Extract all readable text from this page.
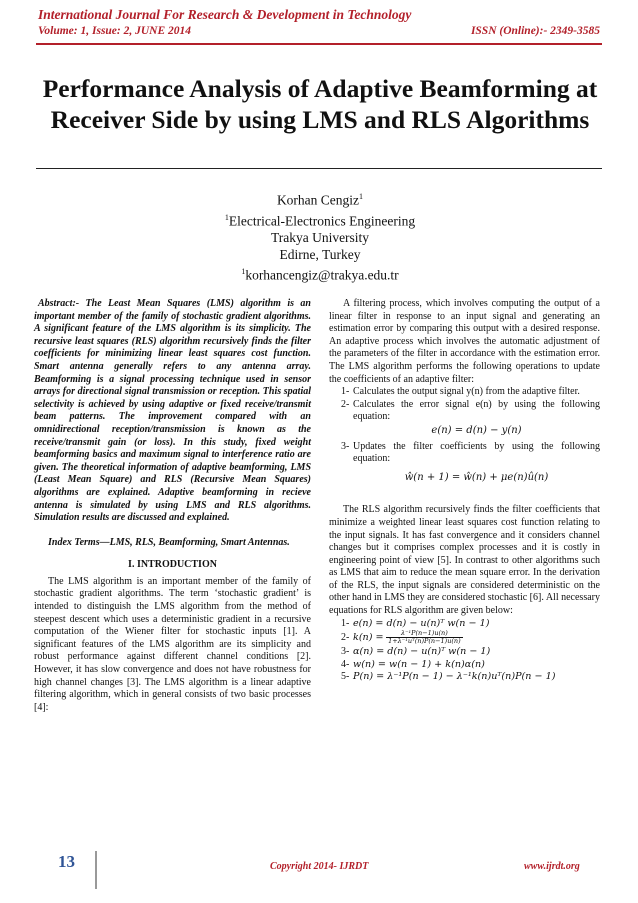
International Journal For Research & Development in Technology
Volume: 1, Issue: 2, JUNE 2014	ISSN (Online):- 2349-3585
Performance Analysis of Adaptive Beamforming at Receiver Side by using LMS and RLS Algorithms
Korhan Cengiz$^1$
$^1$Electrical-Electronics Engineering
Trakya University
Edirne, Turkey
$^1$korhancengiz@trakya.edu.tr

Abstract:- The Least Mean Squares (LMS) algorithm is an important member of the family of stochastic gradient algorithms. A significant feature of the LMS algorithm is its simplicity. The recursive least squares (RLS) algorithm recursively finds the filter coefficients for minimizing linear least squares cost function. Smart antenna generally refers to any antenna array. Beamforming is a signal processing technique used in sensor arrays for directional signal transmission or reception. This spatial selectivity is achieved by using adaptive or fixed receive/transmit beam patterns. The improvement compared with an omnidirectional reception/transmission is known as the receive/transmit gain (or loss). In this study, fixed weight beamforming basics and maximum signal to interference ratio are given. The theoretical information of adaptive beamforming, LMS (Least Mean Square) and RLS (Recursive Mean Squares) algorithms are explained. Adaptive beamforming in recieve antenna is simulated by using LMS and RLS algorithms. Simulation results are discussed and explained.

Index Terms—LMS, RLS, Beamforming, Smart Antennas.

I. INTRODUCTION

The LMS algorithm is an important member of the family of stochastic gradient algorithms. The term ‘stochastic gradient’ is intended to distinguish the LMS algorithm from the method of steepest descent which uses a deterministic gradient in a recursive computation of the Wiener filter for stochastic inputs [1]. A significant features of the LMS algorithm are its simplicity and robust performance against different channel conditions [2]. However, it has slow convergence and does not have robustness for high channel changes [3]. The LMS algorithm is a linear adaptive filtering algorithm, which in general consists of two basic processes [4]:

A filtering process, which involves computing the output of a linear filter in response to an input signal and generating an estimation error by comparing this output with a desired response. An adaptive process which involves the automatic adjustment of the parameters of the filter in accordance with the estimation error. The LMS algorithm performs the following operations to update the coefficients of an adaptive filter:

1- Calculates the output signal y(n) from the adaptive filter.
2- Calculates the error signal e(n) by using the following equation:
e(n) = d(n) − y(n)
3- Updates the filter coefficients by using the following equation:
ŵ(n + 1) = ŵ(n) + μe(n)û(n)

The RLS algorithm recursively finds the filter coefficients that minimize a weighted linear least squares cost function relating to the input signals. It has fast convergence and it considers channel changes but it comprises complex processes and it is costly in engineering point of view [5]. In contrast to other algorithms such as LMS that aim to reduce the mean square error. In the derivation of the RLS, the input signals are considered deterministic on the other hand in LMS they are considered stochastic [6]. All necessary equations for RLS algorithm are given below:

1- e(n) = d(n) − u(n)ᵀ w(n − 1)
2- $k(n) = \frac{\text{λ⁻¹P(n−1)u(n)}}{\text{1+λ⁻¹uᵀ(n)P(n−1)u(n)}}$
3- α(n) = d(n) − u(n)ᵀ w(n − 1)
4- w(n) = w(n − 1) + k(n)α(n)
5- P(n) = λ⁻¹P(n − 1) − λ⁻¹k(n)uᵀ(n)P(n − 1)
13	Copyright 2014- IJRDT	www.ijrdt.org
